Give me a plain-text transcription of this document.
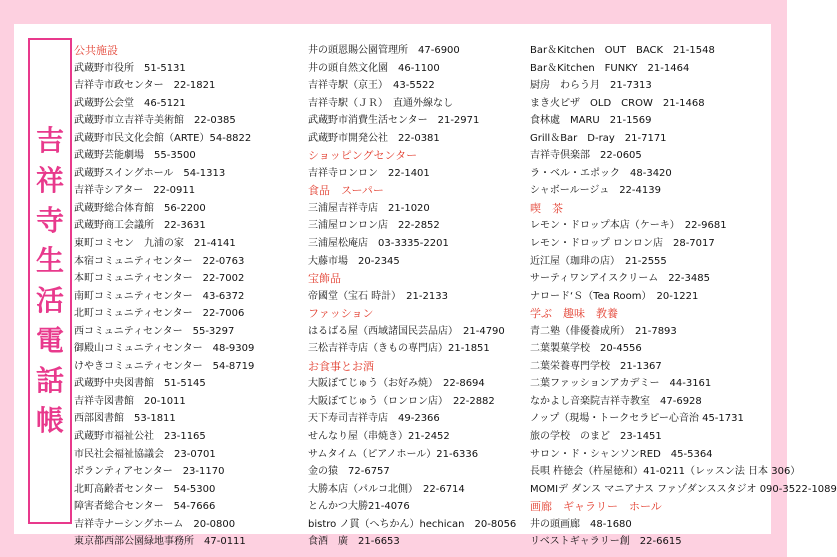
吉
祥
寺
生
活
電
話
帳
公共施設
武蔵野市役所　51-5131
吉祥寺市政センター　22-1821
武蔵野公会堂　46-5121
武蔵野市立吉祥寺美術館　22-0385
武蔵野市民文化会館（ARTE）54-8822
武蔵野芸能劇場　55-3500
武蔵野スイングホール　54-1313
吉祥寺シアター　22-0911
武蔵野総合体育館　56-2200
武蔵野商工会議所　22-3631
東町コミセン　九浦の家　21-4141
本宿コミュニティセンター　22-0763
本町コミュニティセンター　22-7002
南町コミュニティセンター　43-6372
北町コミュニティセンター　22-7006
西コミュニティセンター　55-3297
御殿山コミュニティセンター　48-9309
けやきコミュニティセンター　54-8719
武蔵野中央図書館　51-5145
吉祥寺図書館　20-1011
西部図書館　53-1811
武蔵野市福祉公社　23-1165
市民社会福祉協議会　23-0701
ボランティアセンター　23-1170
北町高齢者センター　54-5300
障害者総合センター　54-7666
吉祥寺ナーシングホーム　20-0800
東京都西部公園緑地事務所　47-0111
井の頭恩賜公園管理所　47-6900
井の頭自然文化園　46-1100
吉祥寺駅（京王）　43-5522
吉祥寺駅（ＪＲ）　直通外線なし
武蔵野市消費生活センター　21-2971
武蔵野市開発公社　22-0381
ショッピングセンター
吉祥寺ロンロン　22-1401
食品　スーパー
三浦屋吉祥寺店　21-1020
三浦屋ロンロン店　22-2852
三浦屋松庵店　03-3335-2201
大藤市場　20-2345
宝飾品
帝國堂（宝石 時計）　21-2133
ファッション
はるばる屋（西域諸国民芸品店）　21-4790
三松吉祥寺店（きもの専門店）21-1851
お食事とお酒
大阪ぼてじゅう（お好み焼）　22-8694
大阪ぼてじゅう（ロンロン店）　22-2882
天下寿司吉祥寺店　49-2366
せんなり屋（串焼き）21-2452
サムタイム（ピアノホール）21-6336
金の猿　72-6757
大勝本店（パルコ北側）　22-6714
とんかつ大勝21-4076
bistro ノ貫（へちかん）hechican　20-8056
食酒　廣　21-6653
Bar＆Kitchen　OUT　BACK　21-1548
Bar＆Kitchen　FUNKY　21-1464
厨房　わらう月　21-7313
まき火ピザ　OLD　CROW　21-1468
食林處　MARU　21-1569
Grill＆Bar　D-ray　21-7171
吉祥寺倶楽部　22-0605
ラ・ベル・エポック　48-3420
シャボールージュ　22-4139
喫　茶
レモン・ドロップ本店（ケーキ）　22-9681
レモン・ドロップ ロンロン店　28-7017
近江屋（珈琲の店）　21-2555
サーティワンアイスクリーム　22-3485
ナロード‘Ｓ（Tea Room）　20-1221
学ぶ　趣味　教養
青二塾（俳優養成所）　21-7893
二葉製菓学校　20-4556
二葉栄養専門学校　21-1367
二葉ファッションアカデミー　44-3161
なかよし音楽院吉祥寺教室　47-6928
ノップ（現場・トークセラピー心音治 45-1731
旅の学校　のまど　23-1451
サロン・ド・シャンソンRED　45-5364
長唄 杵徳会（杵屋徳和）41-0211（レッスン法 日本 306）
MOMIデ ダンス マニアナス ファゾダンススタジオ 090-3522-1089
画廊　ギャラリー　ホール
井の頭画廊　48-1680
リベストギャラリー創　22-6615
